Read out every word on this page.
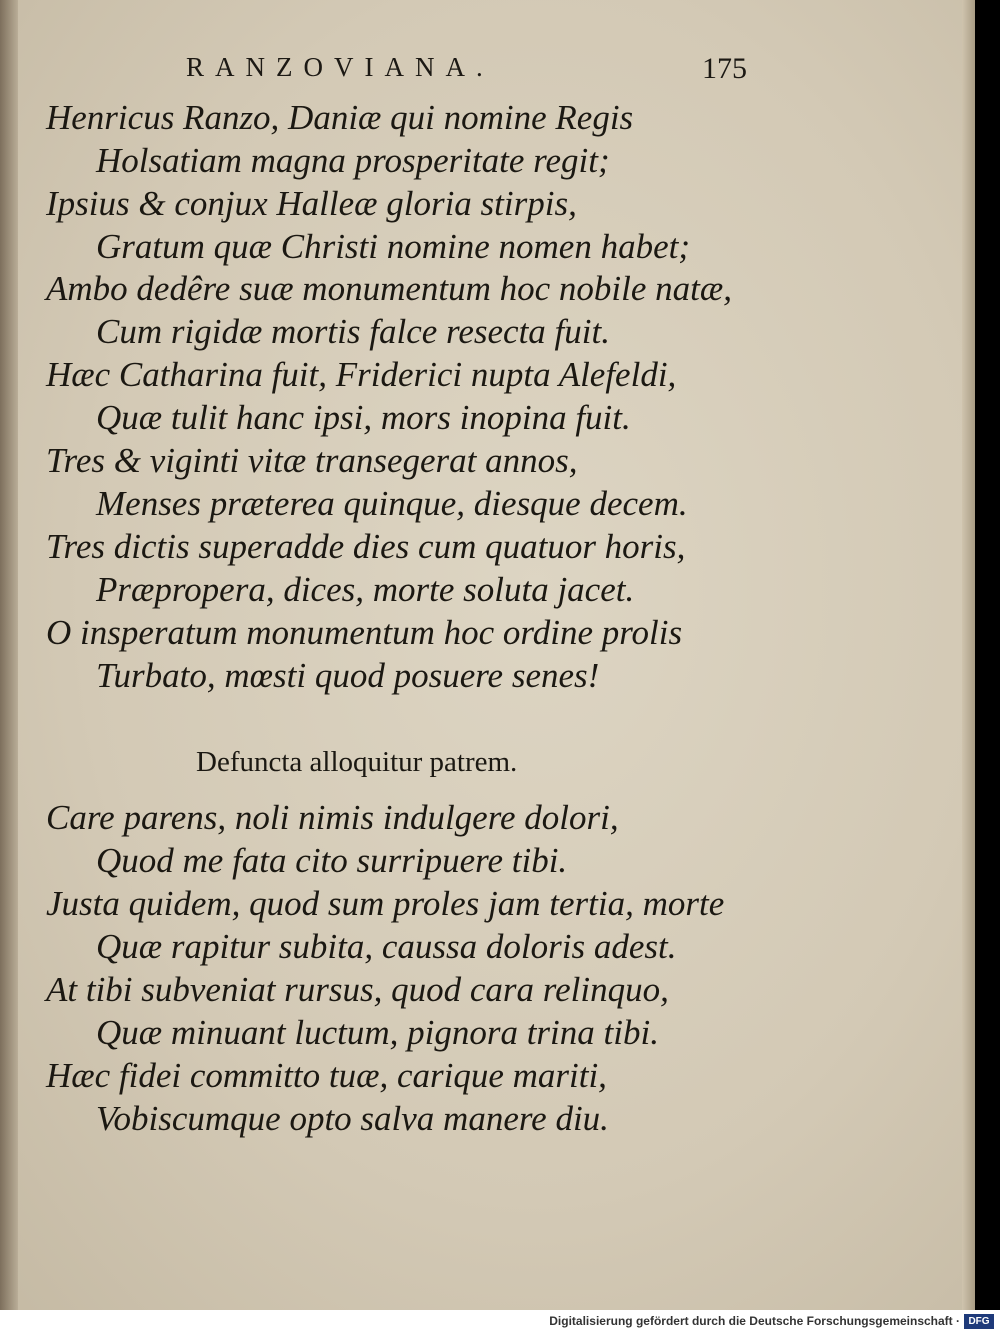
RANZOVIANA.	175
Henricus Ranzo, Daniæ qui nomine Regis
Holsatiam magna prosperitate regit;
Ipsius & conjux Halleæ gloria stirpis,
Gratum quæ Christi nomine nomen habet;
Ambo dedêre suæ monumentum hoc nobile natæ,
Cum rigidæ mortis falce resecta fuit.
Hæc Catharina fuit, Friderici nupta Alefeldi,
Quæ tulit hanc ipsi, mors inopina fuit.
Tres & viginti vitæ transegerat annos,
Menses præterea quinque, diesque decem.
Tres dictis superadde dies cum quatuor horis,
Præpropera, dices, morte soluta jacet.
O insperatum monumentum hoc ordine prolis
Turbato, mœsti quod posuere senes!
Defuncta alloquitur patrem.
Care parens, noli nimis indulgere dolori,
Quod me fata cito surripuere tibi.
Justa quidem, quod sum proles jam tertia, morte
Quæ rapitur subita, caussa doloris adest.
At tibi subveniat rursus, quod cara relinquo,
Quæ minuant luctum, pignora trina tibi.
Hæc fidei committo tuæ, carique mariti,
Vobiscumque opto salva manere diu.
Digitalisierung gefördert durch die Deutsche Forschungsgemeinschaft · DFG
